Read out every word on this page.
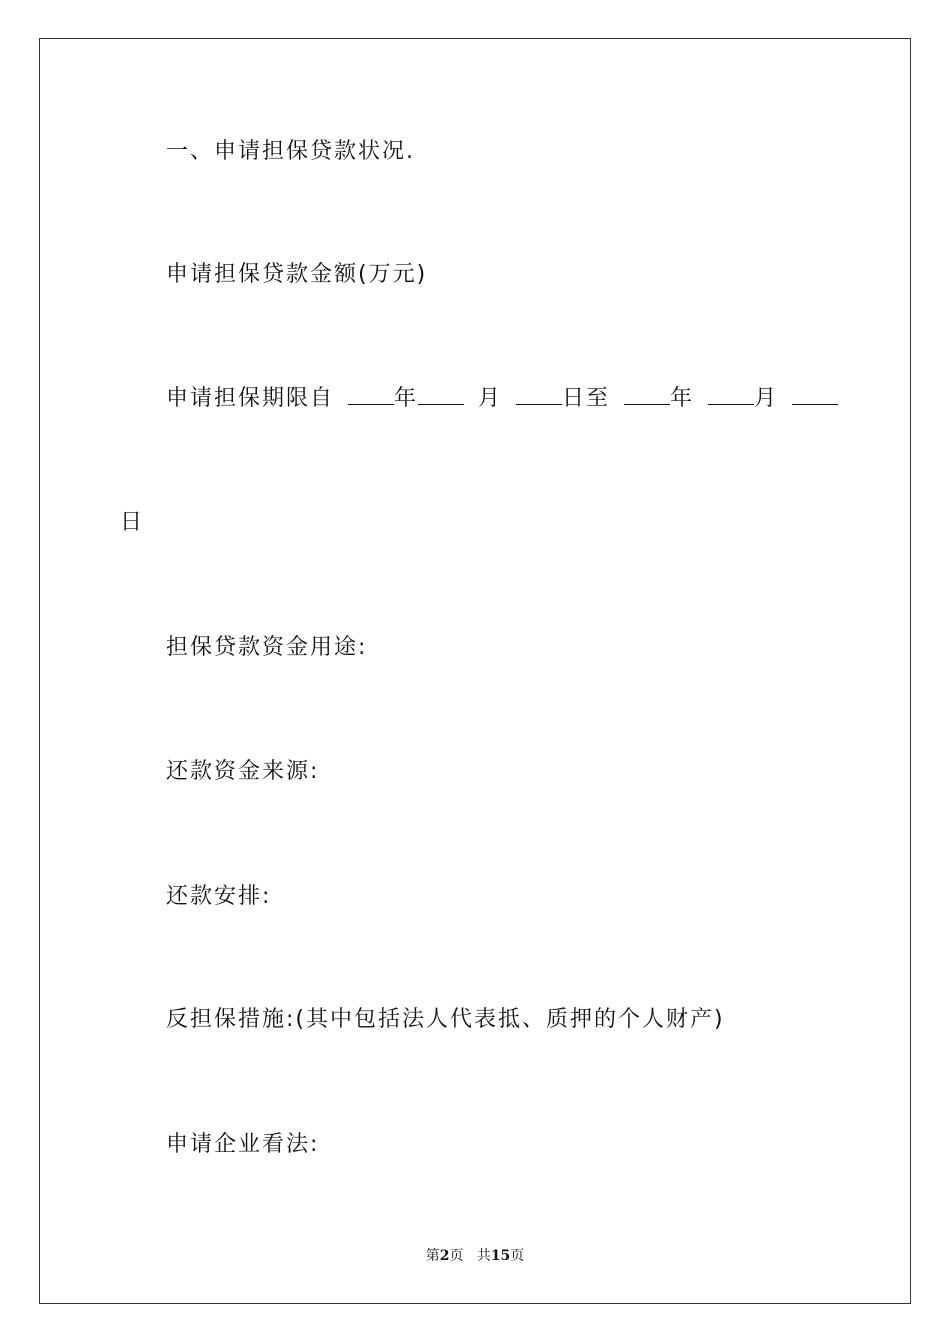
一、申请担保贷款状况.
申请担保贷款金额(万元)
申请担保期限自	年	月	日至	年	月
日
担保贷款资金用途:
还款资金来源:
还款安排:
反担保措施:(其中包括法人代表抵、质押的个人财产)
申请企业看法:
第2页 共15页
